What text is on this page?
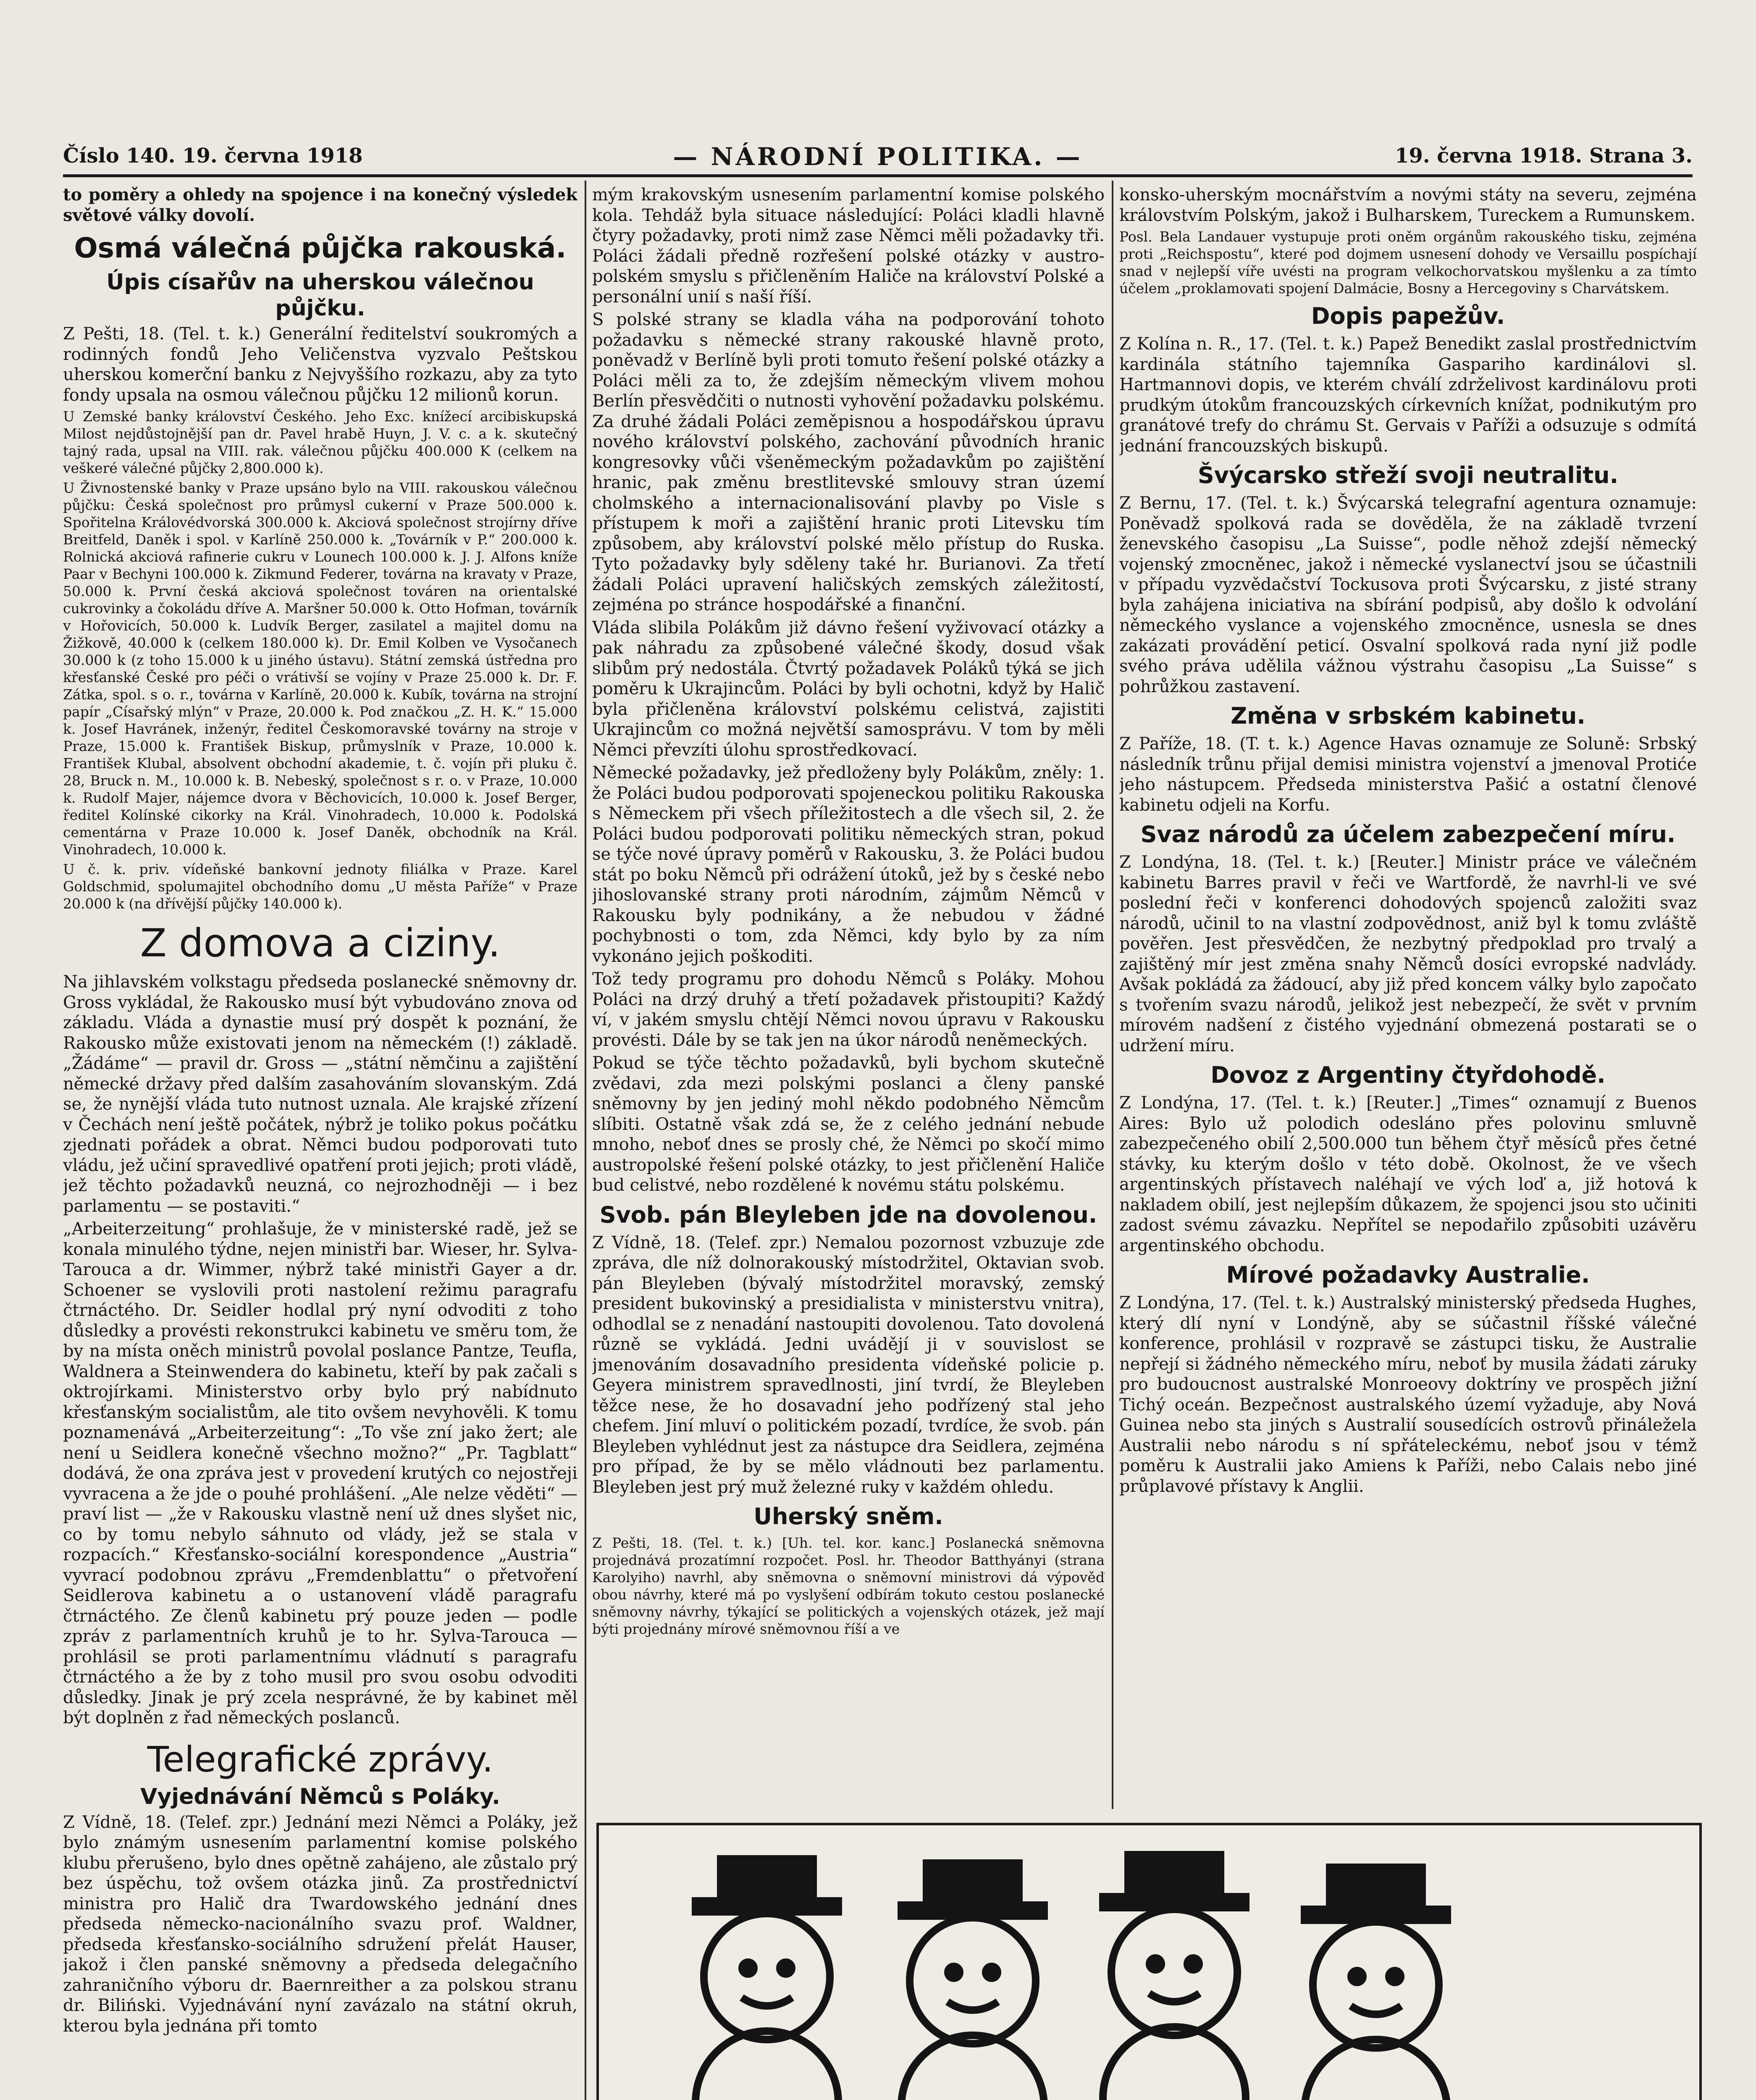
Číslo 140. 19. června 1918	— NÁRODNÍ POLITIKA. —	19. června 1918. Strana 3.

to poměry a ohledy na spojence i na konečný výsledek světové války dovolí.

Osmá válečná půjčka rakouská.
Úpis císařův na uherskou válečnou půjčku.

Z Pešti, 18. (Tel. t. k.) Generální ředitelství soukromých a rodinných fondů Jeho Veličenstva vyzvalo Peštskou uherskou komerční banku z Nejvyššího rozkazu, aby za tyto fondy upsala na osmou válečnou půjčku 12 milionů korun.

U Zemské banky království Českého. Jeho Exc. knížecí arcibiskupská Milost nejdůstojnější pan dr. Pavel hrabě Huyn, J. V. c. a k. skutečný tajný rada, upsal na VIII. rak. válečnou půjčku 400.000 K (celkem na veškeré válečné půjčky 2,800.000 k).

U Živnostenské banky v Praze upsáno bylo na VIII. rakouskou válečnou půjčku: Česká společnost pro průmysl cukerní v Praze 500.000 k. Spořitelna Královédvorská 300.000 k. Akciová společnost strojírny dříve Breitfeld, Daněk i spol. v Karlíně 250.000 k. „Továrník v P.“ 200.000 k. Rolnická akciová rafinerie cukru v Lounech 100.000 k. J. J. Alfons kníže Paar v Bechyni 100.000 k. Zikmund Federer, továrna na kravaty v Praze, 50.000 k. První česká akciová společnost továren na orientalské cukrovinky a čokoládu dříve A. Maršner 50.000 k. Otto Hofman, továrník v Hořovicích, 50.000 k. Ludvík Berger, zasilatel a majitel domu na Žižkově, 40.000 k (celkem 180.000 k). Dr. Emil Kolben ve Vysočanech 30.000 k (z toho 15.000 k u jiného ústavu). Státní zemská ústředna pro křesťanské České pro péči o vrátivší se vojíny v Praze 25.000 k. Dr. F. Zátka, spol. s o. r., továrna v Karlíně, 20.000 k. Kubík, továrna na strojní papír „Císařský mlýn“ v Praze, 20.000 k. Pod značkou „Z. H. K.“ 15.000 k. Josef Havránek, inženýr, ředitel Českomoravské továrny na stroje v Praze, 15.000 k. František Biskup, průmyslník v Praze, 10.000 k. František Klubal, absolvent obchodní akademie, t. č. vojín při pluku č. 28, Bruck n. M., 10.000 k. B. Nebeský, společnost s r. o. v Praze, 10.000 k. Rudolf Majer, nájemce dvora v Běchovicích, 10.000 k. Josef Berger, ředitel Kolínské cikorky na Král. Vinohradech, 10.000 k. Podolská cementárna v Praze 10.000 k. Josef Daněk, obchodník na Král. Vinohradech, 10.000 k.

U č. k. priv. vídeňské bankovní jednoty filiálka v Praze. Karel Goldschmid, spolumajitel obchodního domu „U města Paříže“ v Praze 20.000 k (na dřívější půjčky 140.000 k).

Z domova a ciziny.

Na jihlavském volkstagu předseda poslanecké sněmovny dr. Gross vykládal, že Rakousko musí být vybudováno znova od základu. Vláda a dynastie musí prý dospět k poznání, že Rakousko může existovati jenom na německém (!) základě. „Žádáme“ — pravil dr. Gross — „státní němčinu a zajištění německé državy před dalším zasahováním slovanským. Zdá se, že nynější vláda tuto nutnost uznala. Ale krajské zřízení v Čechách není ještě počátek, nýbrž je toliko pokus počátku zjednati pořádek a obrat. Němci budou podporovati tuto vládu, jež učiní spravedlivé opatření proti jejich; proti vládě, jež těchto požadavků neuzná, co nejrozhodněji — i bez parlamentu — se postaviti.“

„Arbeiterzeitung“ prohlašuje, že v ministerské radě, jež se konala minulého týdne, nejen ministři bar. Wieser, hr. Sylva-Tarouca a dr. Wimmer, nýbrž také ministři Gayer a dr. Schoener se vyslovili proti nastolení režimu paragrafu čtrnáctého. Dr. Seidler hodlal prý nyní odvoditi z toho důsledky a provésti rekonstrukci kabinetu ve směru tom, že by na místa oněch ministrů povolal poslance Pantze, Teufla, Waldnera a Steinwendera do kabinetu, kteří by pak začali s oktrojírkami. Ministerstvo orby bylo prý nabídnuto křesťanským socialistům, ale tito ovšem nevyhověli. K tomu poznamenává „Arbeiterzeitung“: „To vše zní jako žert; ale není u Seidlera konečně všechno možno?“ „Pr. Tagblatt“ dodává, že ona zpráva jest v provedení krutých co nejostřeji vyvracena a že jde o pouhé prohlášení. „Ale nelze věděti“ — praví list — „že v Rakousku vlastně není už dnes slyšet nic, co by tomu nebylo sáhnuto od vlády, jež se stala v rozpacích.“ Křesťansko-sociální korespondence „Austria“ vyvrací podobnou zprávu „Fremdenblattu“ o přetvoření Seidlerova kabinetu a o ustanovení vládě paragrafu čtrnáctého. Ze členů kabinetu prý pouze jeden — podle zpráv z parlamentních kruhů je to hr. Sylva-Tarouca — prohlásil se proti parlamentnímu vládnutí s paragrafu čtrnáctého a že by z toho musil pro svou osobu odvoditi důsledky. Jinak je prý zcela nesprávné, že by kabinet měl být doplněn z řad německých poslanců.

Telegrafické zprávy.
Vyjednávání Němců s Poláky.

Z Vídně, 18. (Telef. zpr.) Jednání mezi Němci a Poláky, jež bylo známým usnesením parlamentní komise polského klubu přerušeno, bylo dnes opětně zahájeno, ale zůstalo prý bez úspěchu, tož ovšem otázka jinů. Za prostřednictví ministra pro Halič dra Twardowského jednání dnes předseda německo-nacionálního svazu prof. Waldner, předseda křesťansko-sociálního sdružení přelát Hauser, jakož i člen panské sněmovny a předseda delegačního zahraničního výboru dr. Baernreither a za polskou stranu dr. Biliński. Vyjednávání nyní zavázalo na státní okruh, kterou byla jednána při tomto

mým krakovským usnesením parlamentní komise polského kola. Tehdáž byla situace následující: Poláci kladli hlavně čtyry požadavky, proti nimž zase Němci měli požadavky tři. Poláci žádali předně rozřešení polské otázky v austro-polském smyslu s přičleněním Haliče na království Polské a personální unií s naší říší.

S polské strany se kladla váha na podporování tohoto požadavku s německé strany rakouské hlavně proto, poněvadž v Berlíně byli proti tomuto řešení polské otázky a Poláci měli za to, že zdejším německým vlivem mohou Berlín přesvědčiti o nutnosti vyhovění požadavku polskému. Za druhé žádali Poláci zeměpisnou a hospodářskou úpravu nového království polského, zachování původních hranic kongresovky vůči všeněmeckým požadavkům po zajištění hranic, pak změnu brestlitevské smlouvy stran území cholmského a internacionalisování plavby po Visle s přístupem k moři a zajištění hranic proti Litevsku tím způsobem, aby království polské mělo přístup do Ruska. Tyto požadavky byly sděleny také hr. Burianovi. Za třetí žádali Poláci upravení haličských zemských záležitostí, zejména po stránce hospodářské a finanční.

Vláda slibila Polákům již dávno řešení vyživovací otázky a pak náhradu za způsobené válečné škody, dosud však slibům prý nedostála. Čtvrtý požadavek Poláků týká se jich poměru k Ukrajincům. Poláci by byli ochotni, když by Halič byla přičleněna království polskému celistvá, zajistiti Ukrajincům co možná největší samosprávu. V tom by měli Němci převzíti úlohu sprostředkovací.

Německé požadavky, jež předloženy byly Polákům, zněly: 1. že Poláci budou podporovati spojeneckou politiku Rakouska s Německem při všech příležitostech a dle všech sil, 2. že Poláci budou podporovati politiku německých stran, pokud se týče nové úpravy poměrů v Rakousku, 3. že Poláci budou stát po boku Němců při odrážení útoků, jež by s české nebo jihoslovanské strany proti národním, zájmům Němců v Rakousku byly podnikány, a že nebudou v žádné pochybnosti o tom, zda Němci, kdy bylo by za ním vykonáno jejich poškoditi.

Tož tedy programu pro dohodu Němců s Poláky. Mohou Poláci na drzý druhý a třetí požadavek přistoupiti? Každý ví, v jakém smyslu chtějí Němci novou úpravu v Rakousku provésti. Dále by se tak jen na úkor národů neněmeckých.

Pokud se týče těchto požadavků, byli bychom skutečně zvědavi, zda mezi polskými poslanci a členy panské sněmovny by jen jediný mohl někdo podobného Němcům slíbiti. Ostatně však zdá se, že z celého jednání nebude mnoho, neboť dnes se prosly ché, že Němci po skočí mimo austropolské řešení polské otázky, to jest přičlenění Haliče bud celistvé, nebo rozdělené k novému státu polskému.

Svob. pán Bleyleben jde na dovolenou.

Z Vídně, 18. (Telef. zpr.) Nemalou pozornost vzbuzuje zde zpráva, dle níž dolnorakouský místodržitel, Oktavian svob. pán Bleyleben (bývalý místodržitel moravský, zemský president bukovinský a presidialista v ministerstvu vnitra), odhodlal se z nenadání nastoupiti dovolenou. Tato dovolená různě se vykládá. Jedni uvádějí ji v souvislost se jmenováním dosavadního presidenta vídeňské policie p. Geyera ministrem spravedlnosti, jiní tvrdí, že Bleyleben těžce nese, že ho dosavadní jeho podřízený stal jeho chefem. Jiní mluví o politickém pozadí, tvrdíce, že svob. pán Bleyleben vyhlédnut jest za nástupce dra Seidlera, zejména pro případ, že by se mělo vládnouti bez parlamentu. Bleyleben jest prý muž železné ruky v každém ohledu.

Uherský sněm.

Z Pešti, 18. (Tel. t. k.) [Uh. tel. kor. kanc.] Poslanecká sněmovna projednává prozatímní rozpočet. Posl. hr. Theodor Batthyányi (strana Karolyiho) navrhl, aby sněmovna o sněmovní ministrovi dá výpověď obou návrhy, které má po vyslyšení odbírám tokuto cestou poslanecké sněmovny návrhy, týkající se politických a vojenských otázek, jež mají býti projednány mírové sněmovnou říší a ve

konsko-uherským mocnářstvím a novými státy na severu, zejména královstvím Polským, jakož i Bulharskem, Tureckem a Rumunskem.

Posl. Bela Landauer vystupuje proti oněm orgánům rakouského tisku, zejména proti „Reichspostu“, které pod dojmem usnesení dohody ve Versaillu pospíchají snad v nejlepší víře uvésti na program velkochorvatskou myšlenku a za tímto účelem „proklamovati spojení Dalmácie, Bosny a Hercegoviny s Charvátskem.

Dopis papežův.

Z Kolína n. R., 17. (Tel. t. k.) Papež Benedikt zaslal prostřednictvím kardinála státního tajemníka Gaspariho kardinálovi sl. Hartmannovi dopis, ve kterém chválí zdrželivost kardinálovu proti prudkým útokům francouzských církevních knížat, podnikutým pro granátové trefy do chrámu St. Gervais v Paříži a odsuzuje s odmítá jednání francouzských biskupů.

Švýcarsko střeží svoji neutralitu.

Z Bernu, 17. (Tel. t. k.) Švýcarská telegrafní agentura oznamuje: Poněvadž spolková rada se dověděla, že na základě tvrzení ženevského časopisu „La Suisse“, podle něhož zdejší německý vojenský zmocněnec, jakož i německé vyslanectví jsou se účastnili v případu vyzvědačství Tockusova proti Švýcarsku, z jisté strany byla zahájena iniciativa na sbírání podpisů, aby došlo k odvolání německého vyslance a vojenského zmocněnce, usnesla se dnes zakázati provádění peticí. Osvalní spolková rada nyní již podle svého práva udělila vážnou výstrahu časopisu „La Suisse“ s pohrůžkou zastavení.

Změna v srbském kabinetu.

Z Paříže, 18. (T. t. k.) Agence Havas oznamuje ze Soluně: Srbský následník trůnu přijal demisi ministra vojenství a jmenoval Protiće jeho nástupcem. Předseda ministerstva Pašić a ostatní členové kabinetu odjeli na Korfu.

Svaz národů za účelem zabezpečení míru.

Z Londýna, 18. (Tel. t. k.) [Reuter.] Ministr práce ve válečném kabinetu Barres pravil v řeči ve Wartfordě, že navrhl-li ve své poslední řeči v konferenci dohodových spojenců založiti svaz národů, učinil to na vlastní zodpovědnost, aniž byl k tomu zvláště pověřen. Jest přesvědčen, že nezbytný předpoklad pro trvalý a zajištěný mír jest změna snahy Němců dosíci evropské nadvlády. Avšak pokládá za žádoucí, aby již před koncem války bylo započato s tvořením svazu národů, jelikož jest nebezpečí, že svět v prvním mírovém nadšení z čistého vyjednání obmezená postarati se o udržení míru.

Dovoz z Argentiny čtyřdohodě.

Z Londýna, 17. (Tel. t. k.) [Reuter.] „Times“ oznamují z Buenos Aires: Bylo už polodich odesláno přes polovinu smluvně zabezpečeného obilí 2,500.000 tun během čtyř měsíců přes četné stávky, ku kterým došlo v této době. Okolnost, že ve všech argentinských přístavech naléhají ve vých loď a, již hotová k nakladem obilí, jest nejlepším důkazem, že spojenci jsou sto učiniti zadost svému závazku. Nepřítel se nepodařilo způsobiti uzávěru argentinského obchodu.

Mírové požadavky Australie.

Z Londýna, 17. (Tel. t. k.) Australský ministerský předseda Hughes, který dlí nyní v Londýně, aby se súčastnil říšské válečné konference, prohlásil v rozpravě se zástupci tisku, že Australie nepřejí si žádného německého míru, neboť by musila žádati záruky pro budoucnost australské Monroeovy doktríny ve prospěch jižní Tichý oceán. Bezpečnost australského území vyžaduje, aby Nová Guinea nebo sta jiných s Australií sousedících ostrovů přináležela Australii nebo národu s ní spřáteleckému, neboť jsou v témž poměru k Australii jako Amiens k Paříži, nebo Calais nebo jiné průplavové přístavy k Anglii.
